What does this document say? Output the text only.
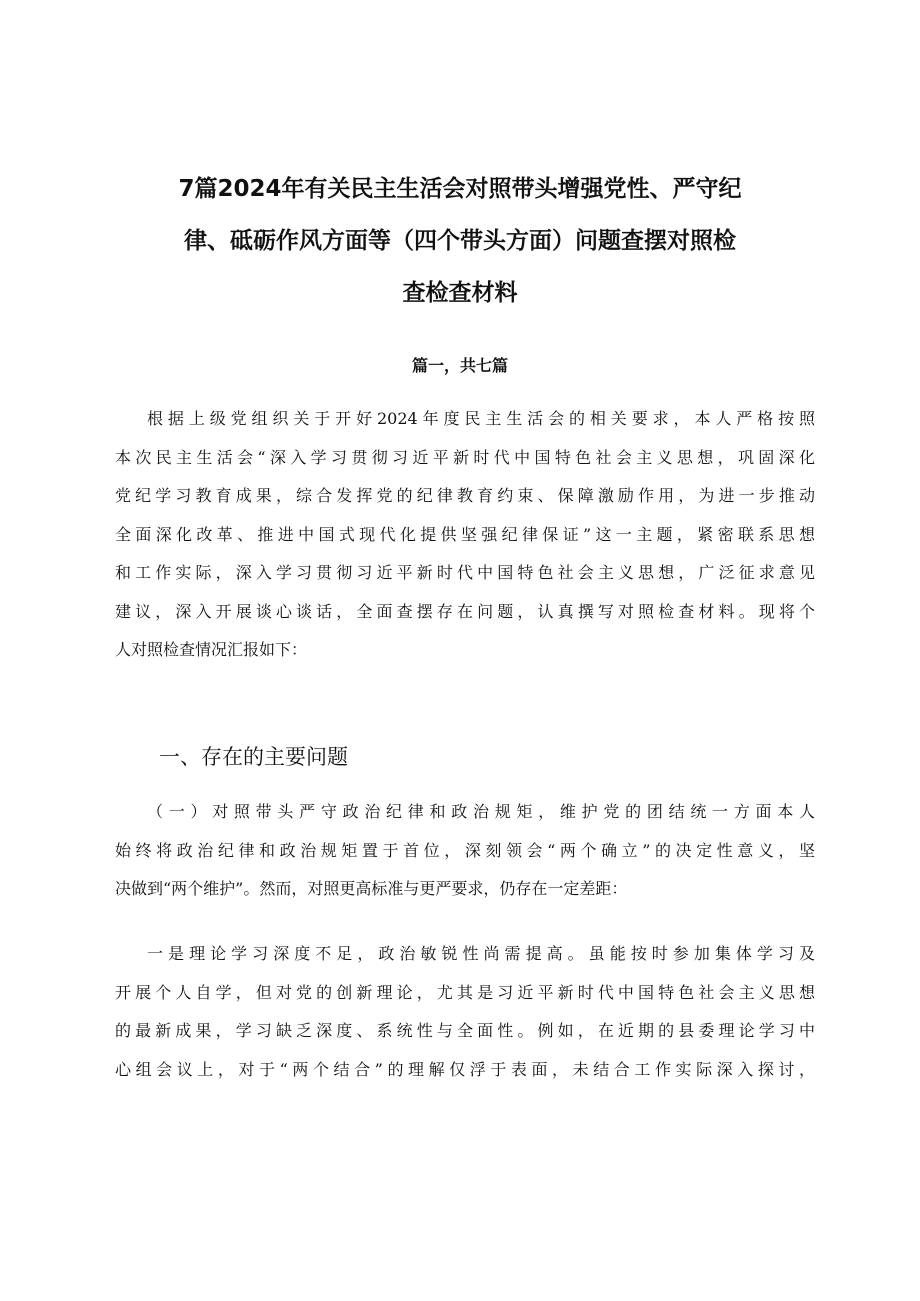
7篇2024年有关民主生活会对照带头增强党性、严守纪
律、砥砺作风方面等（四个带头方面）问题查摆对照检
查检查材料
篇一，共七篇
根据上级党组织关于开好2024年度民主生活会的相关要求，本人严格按照
本次民主生活会“深入学习贯彻习近平新时代中国特色社会主义思想，巩固深化
党纪学习教育成果，综合发挥党的纪律教育约束、保障激励作用，为进一步推动
全面深化改革、推进中国式现代化提供坚强纪律保证”这一主题，紧密联系思想
和工作实际，深入学习贯彻习近平新时代中国特色社会主义思想，广泛征求意见
建议，深入开展谈心谈话，全面查摆存在问题，认真撰写对照检查材料。现将个
人对照检查情况汇报如下：
一、存在的主要问题
（一）对照带头严守政治纪律和政治规矩，维护党的团结统一方面本人
始终将政治纪律和政治规矩置于首位，深刻领会“两个确立”的决定性意义，坚
决做到“两个维护”。然而，对照更高标准与更严要求，仍存在一定差距：
一是理论学习深度不足，政治敏锐性尚需提高。虽能按时参加集体学习及
开展个人自学，但对党的创新理论，尤其是习近平新时代中国特色社会主义思想
的最新成果，学习缺乏深度、系统性与全面性。例如，在近期的县委理论学习中
心组会议上，对于“两个结合”的理解仅浮于表面，未结合工作实际深入探讨，
